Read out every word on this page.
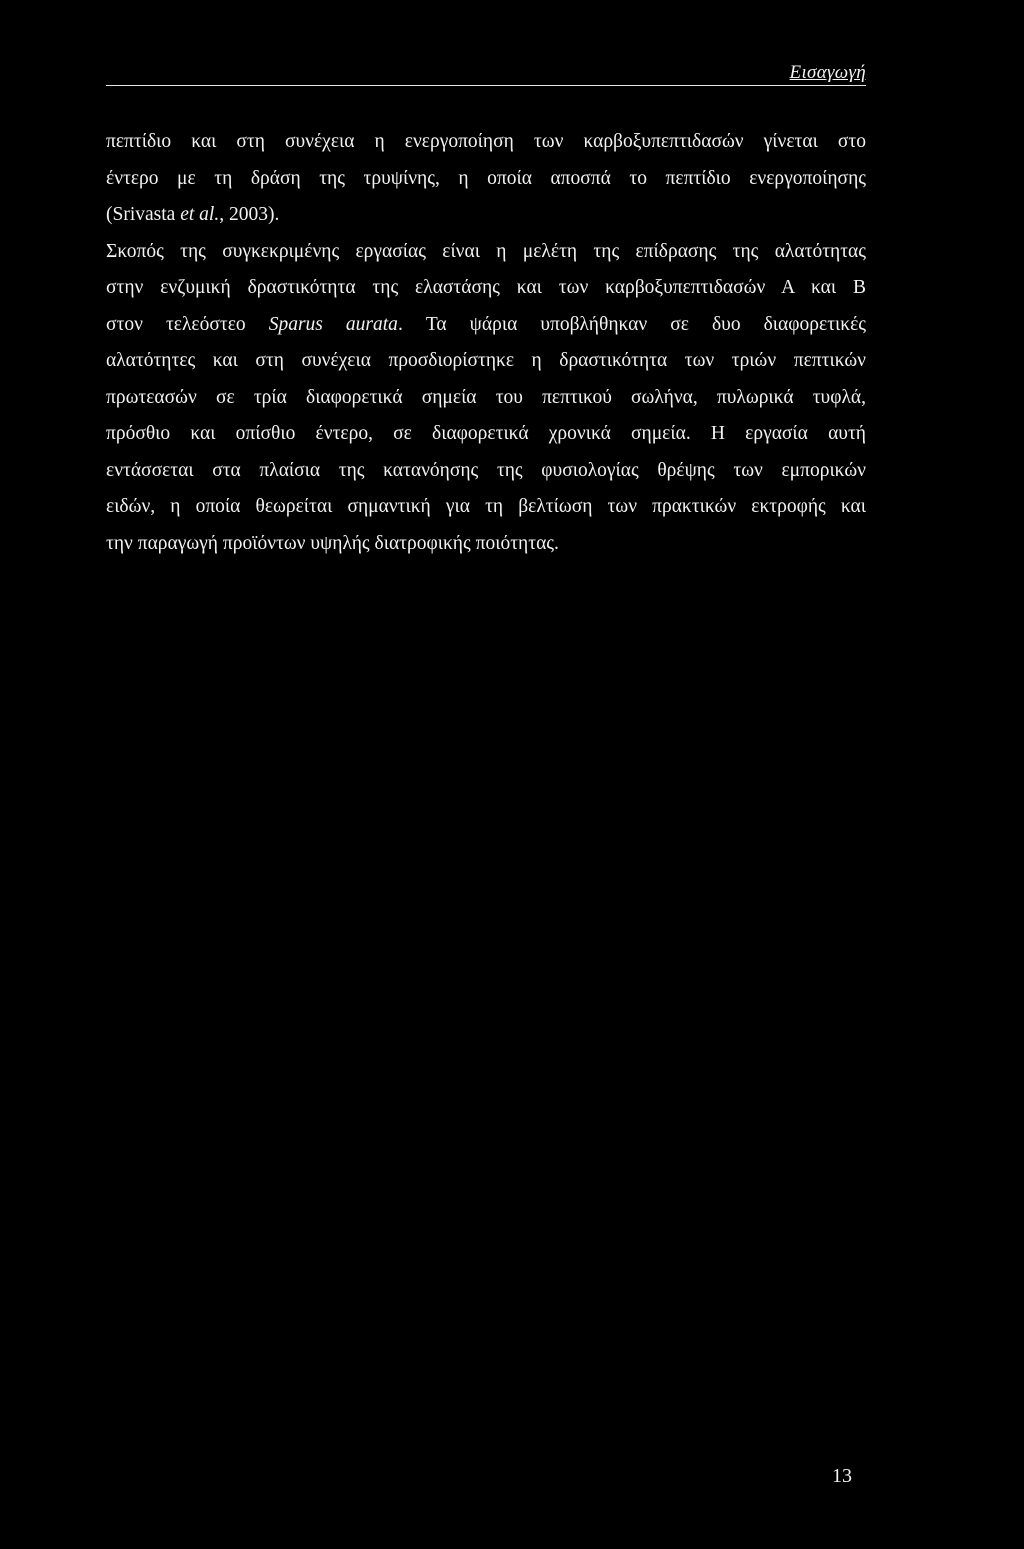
Εισαγωγή
πεπτίδιο και στη συνέχεια η ενεργοποίηση των καρβοξυπεπτιδασών γίνεται στο
έντερο με τη δράση της τρυψίνης, η οποία αποσπά το πεπτίδιο ενεργοποίησης
(Srivasta et al., 2003).
Σκοπός της συγκεκριμένης εργασίας είναι η μελέτη της επίδρασης της αλατότητας
στην ενζυμική δραστικότητα της ελαστάσης και των καρβοξυπεπτιδασών Α και Β
στον τελεόστεο Sparus aurata. Τα ψάρια υποβλήθηκαν σε δυο διαφορετικές
αλατότητες και στη συνέχεια προσδιορίστηκε η δραστικότητα των τριών πεπτικών
πρωτεασών σε τρία διαφορετικά σημεία του πεπτικού σωλήνα, πυλωρικά τυφλά,
πρόσθιο και οπίσθιο έντερο, σε διαφορετικά χρονικά σημεία. Η εργασία αυτή
εντάσσεται στα πλαίσια της κατανόησης της φυσιολογίας θρέψης των εμπορικών
ειδών, η οποία θεωρείται σημαντική για τη βελτίωση των πρακτικών εκτροφής και
την παραγωγή προϊόντων υψηλής διατροφικής ποιότητας.
13
